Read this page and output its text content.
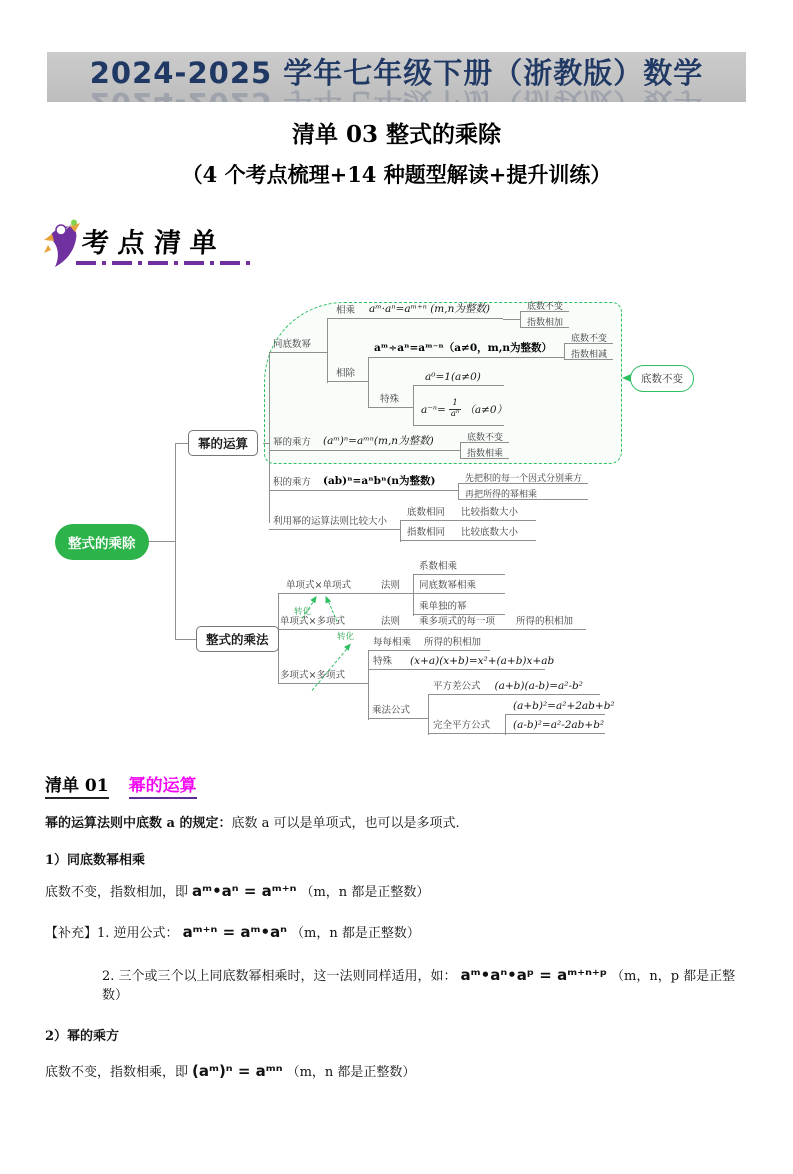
2024-2025 学年七年级下册（浙教版）数学 2024-2025 学年七年级下册（浙教版）数学
清单 03 整式的乘除
（4 个考点梳理+14 种题型解读+提升训练）
考点清单
整式的乘除
幂的运算
整式的乘法
同底数幂
相乘 aᵐ·aⁿ=aᵐ⁺ⁿ (m,n为整数)	底数不变
指数相加
aᵐ÷aⁿ=aᵐ⁻ⁿ（a≠0，m,n为整数）
底数不变
指数相减
相除
特殊
a⁰=1(a≠0)
$a^{-n}= \frac{1}{\text{aⁿ}} (a\ne 0)$
幂的乘方 (aᵐ)ⁿ=aᵐⁿ(m,n为整数)	底数不变
指数相乘
积的乘方 (ab)ⁿ=aⁿbⁿ(n为整数)	先把积的每一个因式分别乘方
再把所得的幂相乘
利用幂的运算法则比较大小
底数相同 比较指数大小
指数相同 比较底数大小
底数不变
单项式×单项式	法则
系数相乘
同底数幂相乘
乘单独的幂
转化
单项式×多项式	法则	乘多项式的每一项	所得的积相加
转化
多项式×多项式
每每相乘 所得的积相加
特殊 (x+a)(x+b)=x²+(a+b)x+ab
乘法公式
平方差公式 (a+b)(a-b)=a²-b²
完全平方公式
(a+b)²=a²+2ab+b²
(a-b)²=a²-2ab+b²
清单 01 幂的运算

幂的运算法则中底数 a 的规定：底数 a 可以是单项式，也可以是多项式.

1）同底数幂相乘

底数不变，指数相加，即 aᵐ•aⁿ = aᵐ⁺ⁿ （m，n 都是正整数）

【补充】1. 逆用公式： aᵐ⁺ⁿ = aᵐ•aⁿ （m，n 都是正整数）

2. 三个或三个以上同底数幂相乘时，这一法则同样适用，如： aᵐ•aⁿ•aᵖ = aᵐ⁺ⁿ⁺ᵖ （m，n，p 都是正整数）

2）幂的乘方

底数不变，指数相乘，即 (aᵐ)ⁿ = aᵐⁿ （m，n 都是正整数）
